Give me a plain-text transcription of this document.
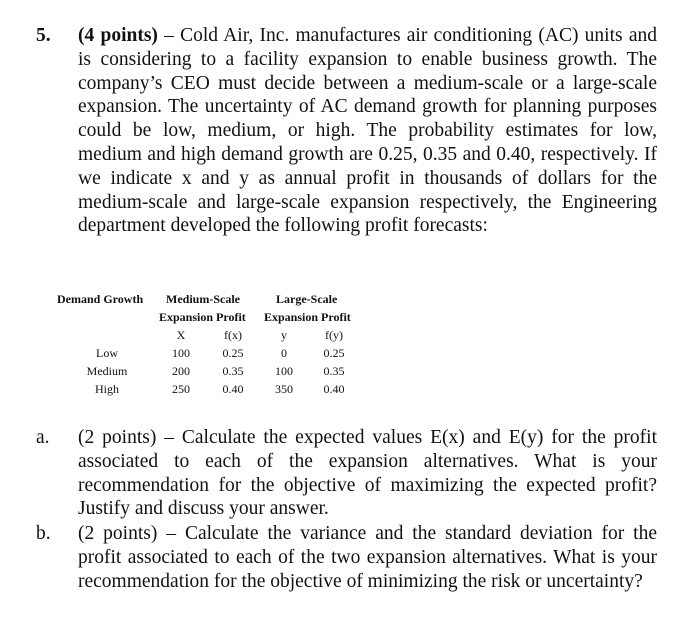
5. (4 points) – Cold Air, Inc. manufactures air conditioning (AC) units and is considering to a facility expansion to enable business growth. The company’s CEO must decide between a medium-scale or a large-scale expansion. The uncertainty of AC demand growth for planning purposes could be low, medium, or high. The probability estimates for low, medium and high demand growth are 0.25, 0.35 and 0.40, respectively. If we indicate x and y as annual profit in thousands of dollars for the medium-scale and large-scale expansion respectively, the Engineering department developed the following profit forecasts:
Demand Growth Medium-Scale	Large-Scale
Expansion Profit Expansion Profit
X	f(x)	y	f(y)
Low	100	0.25	0	0.25
Medium	200	0.35	100	0.35
High	250	0.40	350	0.40
a. (2 points) – Calculate the expected values E(x) and E(y) for the profit associated to each of the expansion alternatives. What is your recommendation for the objective of maximizing the expected profit? Justify and discuss your answer.
b. (2 points) – Calculate the variance and the standard deviation for the profit associated to each of the two expansion alternatives. What is your recommendation for the objective of minimizing the risk or uncertainty?
